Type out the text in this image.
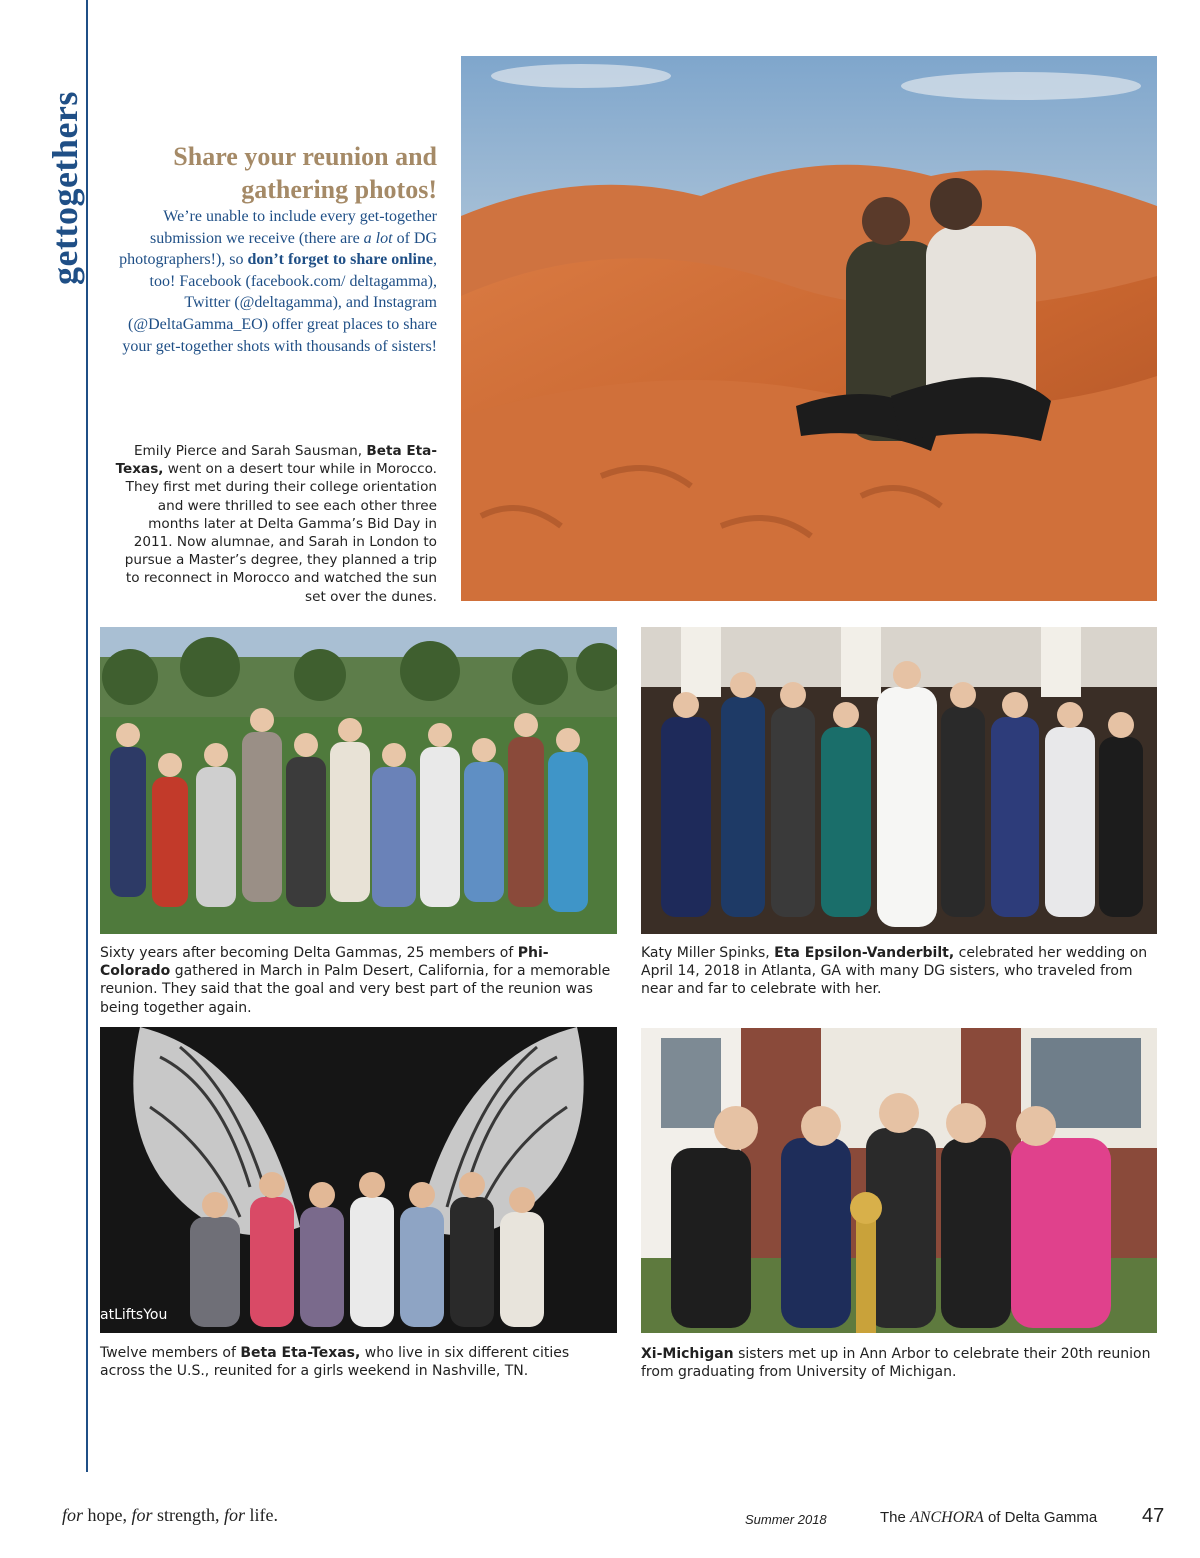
gettogethers	Share your reunion and gathering photos!
We’re unable to include every get-together submission we receive (there are a lot of DG photographers!), so don’t forget to share online, too! Facebook (facebook.com/ deltagamma), Twitter (@deltagamma), and Instagram (@DeltaGamma_EO) offer great places to share your get-together shots with thousands of sisters!
Emily Pierce and Sarah Sausman, Beta Eta-Texas, went on a desert tour while in Morocco. They first met during their college orientation and were thrilled to see each other three months later at Delta Gamma’s Bid Day in 2011. Now alumnae, and Sarah in London to pursue a Master’s degree, they planned a trip to reconnect in Morocco and watched the sun set over the dunes.
Sixty years after becoming Delta Gammas, 25 members of Phi-Colorado gathered in March in Palm Desert, California, for a memorable reunion. They said that the goal and very best part of the reunion was being together again.
Katy Miller Spinks, Eta Epsilon-Vanderbilt, celebrated her wedding on April 14, 2018 in Atlanta, GA with many DG sisters, who traveled from near and far to celebrate with her.
atLiftsYou
Twelve members of Beta Eta-Texas, who live in six different cities across the U.S., reunited for a girls weekend in Nashville, TN.
Xi-Michigan sisters met up in Ann Arbor to celebrate their 20th reunion from graduating from University of Michigan.
for hope, for strength, for life.	Summer 2018	The ANCHORA of Delta Gamma 47
